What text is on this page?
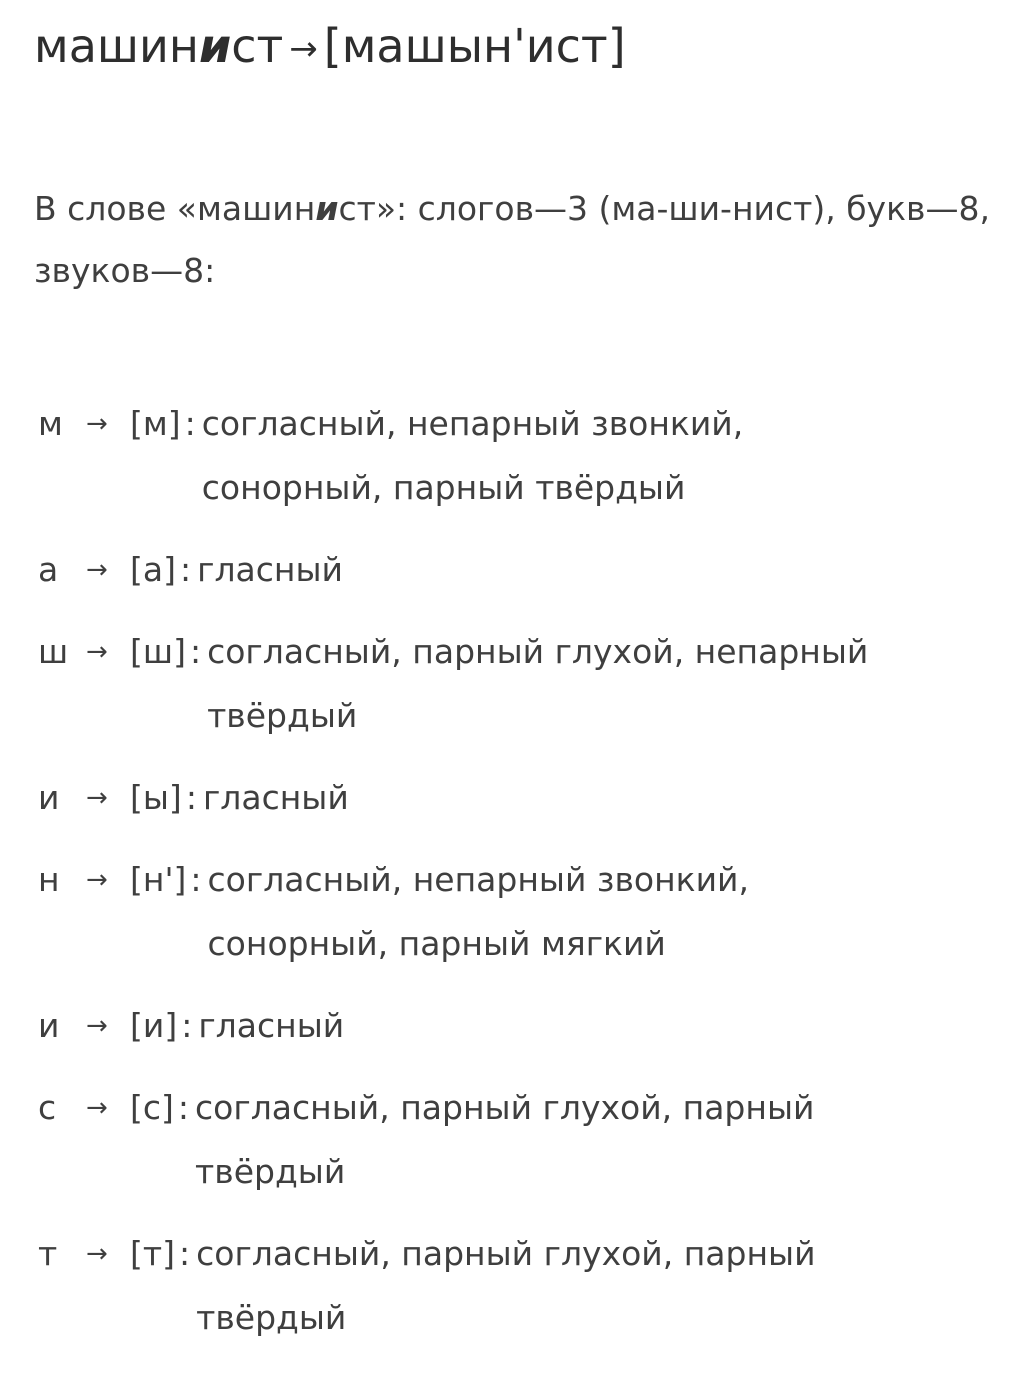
машинист → [машын'ист]
В слове «машинист»: слогов—3 (ма-ши-нист), букв—8, звуков—8:
м → [м] : согласный, непарный звонкий, сонорный, парный твёрдый
а	→ [а] : гласный
ш → [ш] : согласный, парный глухой, непарный твёрдый
и	→ [ы] : гласный
н	→ [н'] : согласный, непарный звонкий, сонорный, парный мягкий
и	→ [и] : гласный
с	→ [с] : согласный, парный глухой, парный твёрдый
т	→ [т] : согласный, парный глухой, парный твёрдый
